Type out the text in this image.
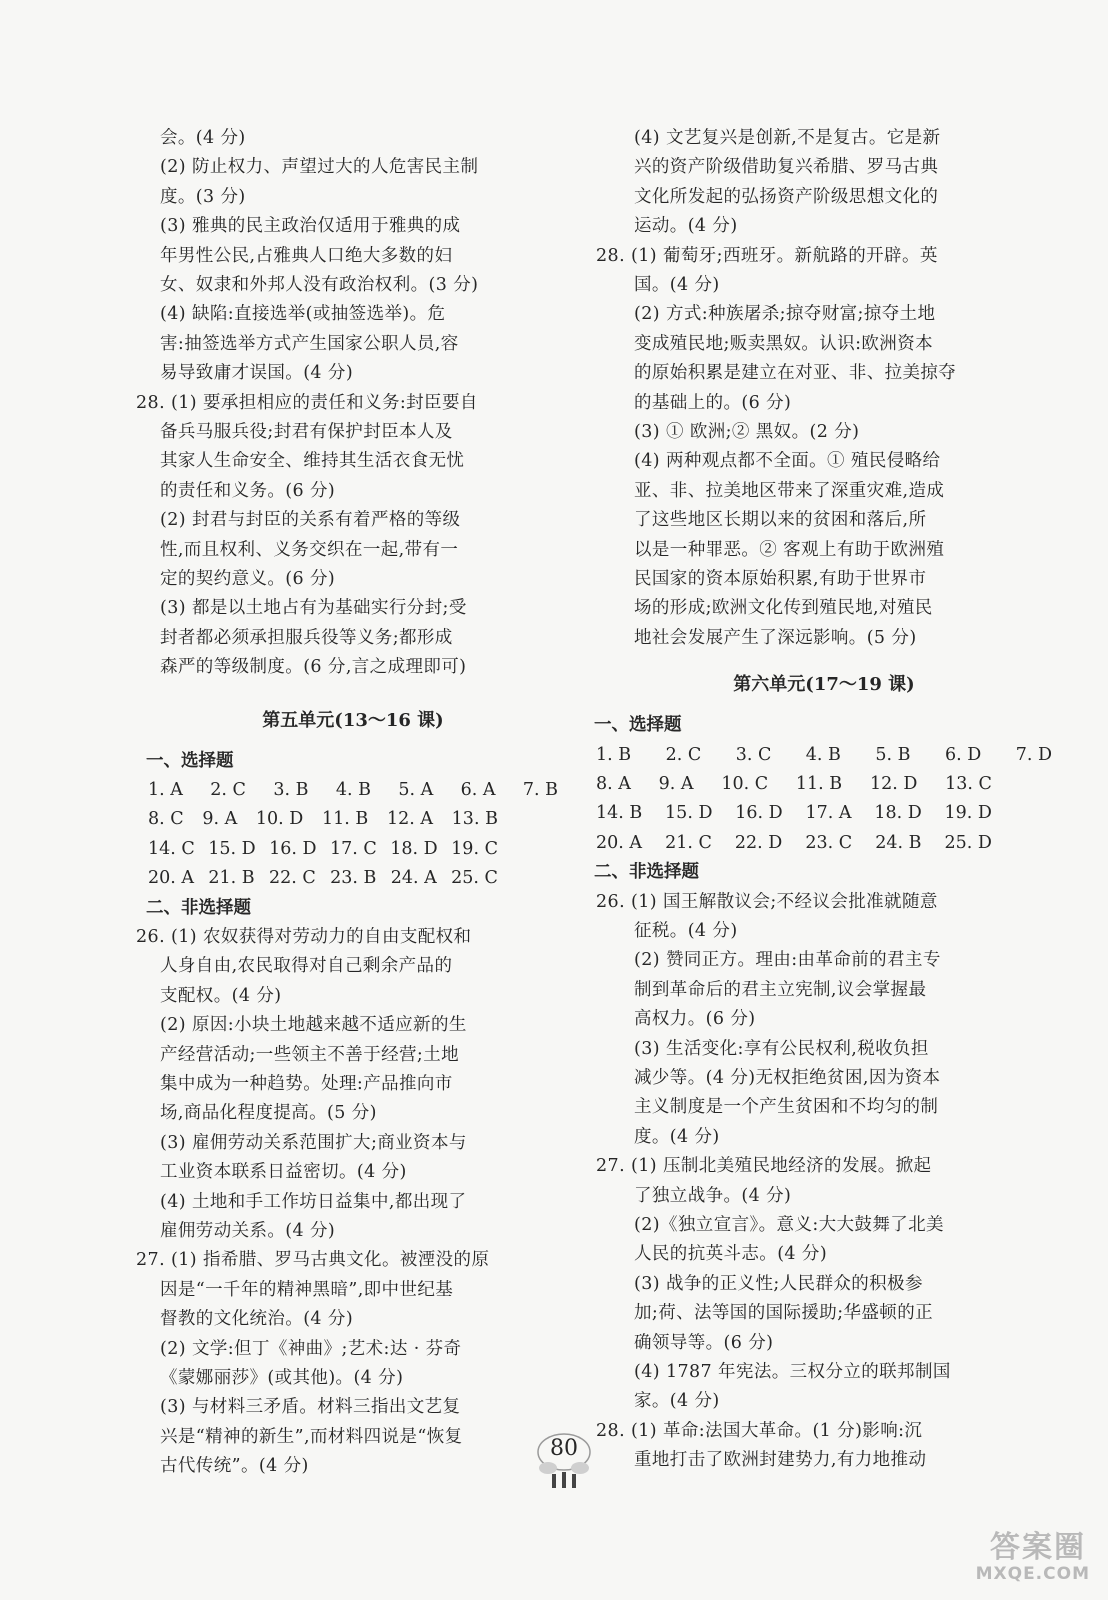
会。(4 分)
(2) 防止权力、声望过大的人危害民主制
度。(3 分)
(3) 雅典的民主政治仅适用于雅典的成
年男性公民,占雅典人口绝大多数的妇
女、奴隶和外邦人没有政治权利。(3 分)
(4) 缺陷:直接选举(或抽签选举)。危
害:抽签选举方式产生国家公职人员,容
易导致庸才误国。(4 分)
28. (1) 要承担相应的责任和义务:封臣要自
备兵马服兵役;封君有保护封臣本人及
其家人生命安全、维持其生活衣食无忧
的责任和义务。(6 分)
(2) 封君与封臣的关系有着严格的等级
性,而且权利、义务交织在一起,带有一
定的契约意义。(6 分)
(3) 都是以土地占有为基础实行分封;受
封者都必须承担服兵役等义务;都形成
森严的等级制度。(6 分,言之成理即可)
第五单元(13～16 课)
一、选择题
1. A 2. C 3. B 4. B 5. A 6. A 7. B
8. C 9. A 10. D 11. B 12. A 13. B
14. C 15. D 16. D 17. C 18. D 19. C
20. A 21. B 22. C 23. B 24. A 25. C
二、非选择题
26. (1) 农奴获得对劳动力的自由支配权和
人身自由,农民取得对自己剩余产品的
支配权。(4 分)
(2) 原因:小块土地越来越不适应新的生
产经营活动;一些领主不善于经营;土地
集中成为一种趋势。处理:产品推向市
场,商品化程度提高。(5 分)
(3) 雇佣劳动关系范围扩大;商业资本与
工业资本联系日益密切。(4 分)
(4) 土地和手工作坊日益集中,都出现了
雇佣劳动关系。(4 分)
27. (1) 指希腊、罗马古典文化。被湮没的原
因是“一千年的精神黑暗”,即中世纪基
督教的文化统治。(4 分)
(2) 文学:但丁《神曲》;艺术:达 · 芬奇
《蒙娜丽莎》(或其他)。(4 分)
(3) 与材料三矛盾。材料三指出文艺复
兴是“精神的新生”,而材料四说是“恢复
古代传统”。(4 分)
(4) 文艺复兴是创新,不是复古。它是新
兴的资产阶级借助复兴希腊、罗马古典
文化所发起的弘扬资产阶级思想文化的
运动。(4 分)
28. (1) 葡萄牙;西班牙。新航路的开辟。英
国。(4 分)
(2) 方式:种族屠杀;掠夺财富;掠夺土地
变成殖民地;贩卖黑奴。认识:欧洲资本
的原始积累是建立在对亚、非、拉美掠夺
的基础上的。(6 分)
(3) ① 欧洲;② 黑奴。(2 分)
(4) 两种观点都不全面。① 殖民侵略给
亚、非、拉美地区带来了深重灾难,造成
了这些地区长期以来的贫困和落后,所
以是一种罪恶。② 客观上有助于欧洲殖
民国家的资本原始积累,有助于世界市
场的形成;欧洲文化传到殖民地,对殖民
地社会发展产生了深远影响。(5 分)
第六单元(17～19 课)
一、选择题
1. B 2. C 3. C 4. B 5. B 6. D 7. D
8. A 9. A 10. C 11. B 12. D 13. C
14. B 15. D 16. D 17. A 18. D 19. D
20. A 21. C 22. D 23. C 24. B 25. D
二、非选择题
26. (1) 国王解散议会;不经议会批准就随意
征税。(4 分)
(2) 赞同正方。理由:由革命前的君主专
制到革命后的君主立宪制,议会掌握最
高权力。(6 分)
(3) 生活变化:享有公民权利,税收负担
减少等。(4 分)无权拒绝贫困,因为资本
主义制度是一个产生贫困和不均匀的制
度。(4 分)
27. (1) 压制北美殖民地经济的发展。掀起
了独立战争。(4 分)
(2)《独立宣言》。意义:大大鼓舞了北美
人民的抗英斗志。(4 分)
(3) 战争的正义性;人民群众的积极参
加;荷、法等国的国际援助;华盛顿的正
确领导等。(6 分)
(4) 1787 年宪法。三权分立的联邦制国
家。(4 分)
28. (1) 革命:法国大革命。(1 分)影响:沉
重地打击了欧洲封建势力,有力地推动
80
答案圈
MXQE.COM
